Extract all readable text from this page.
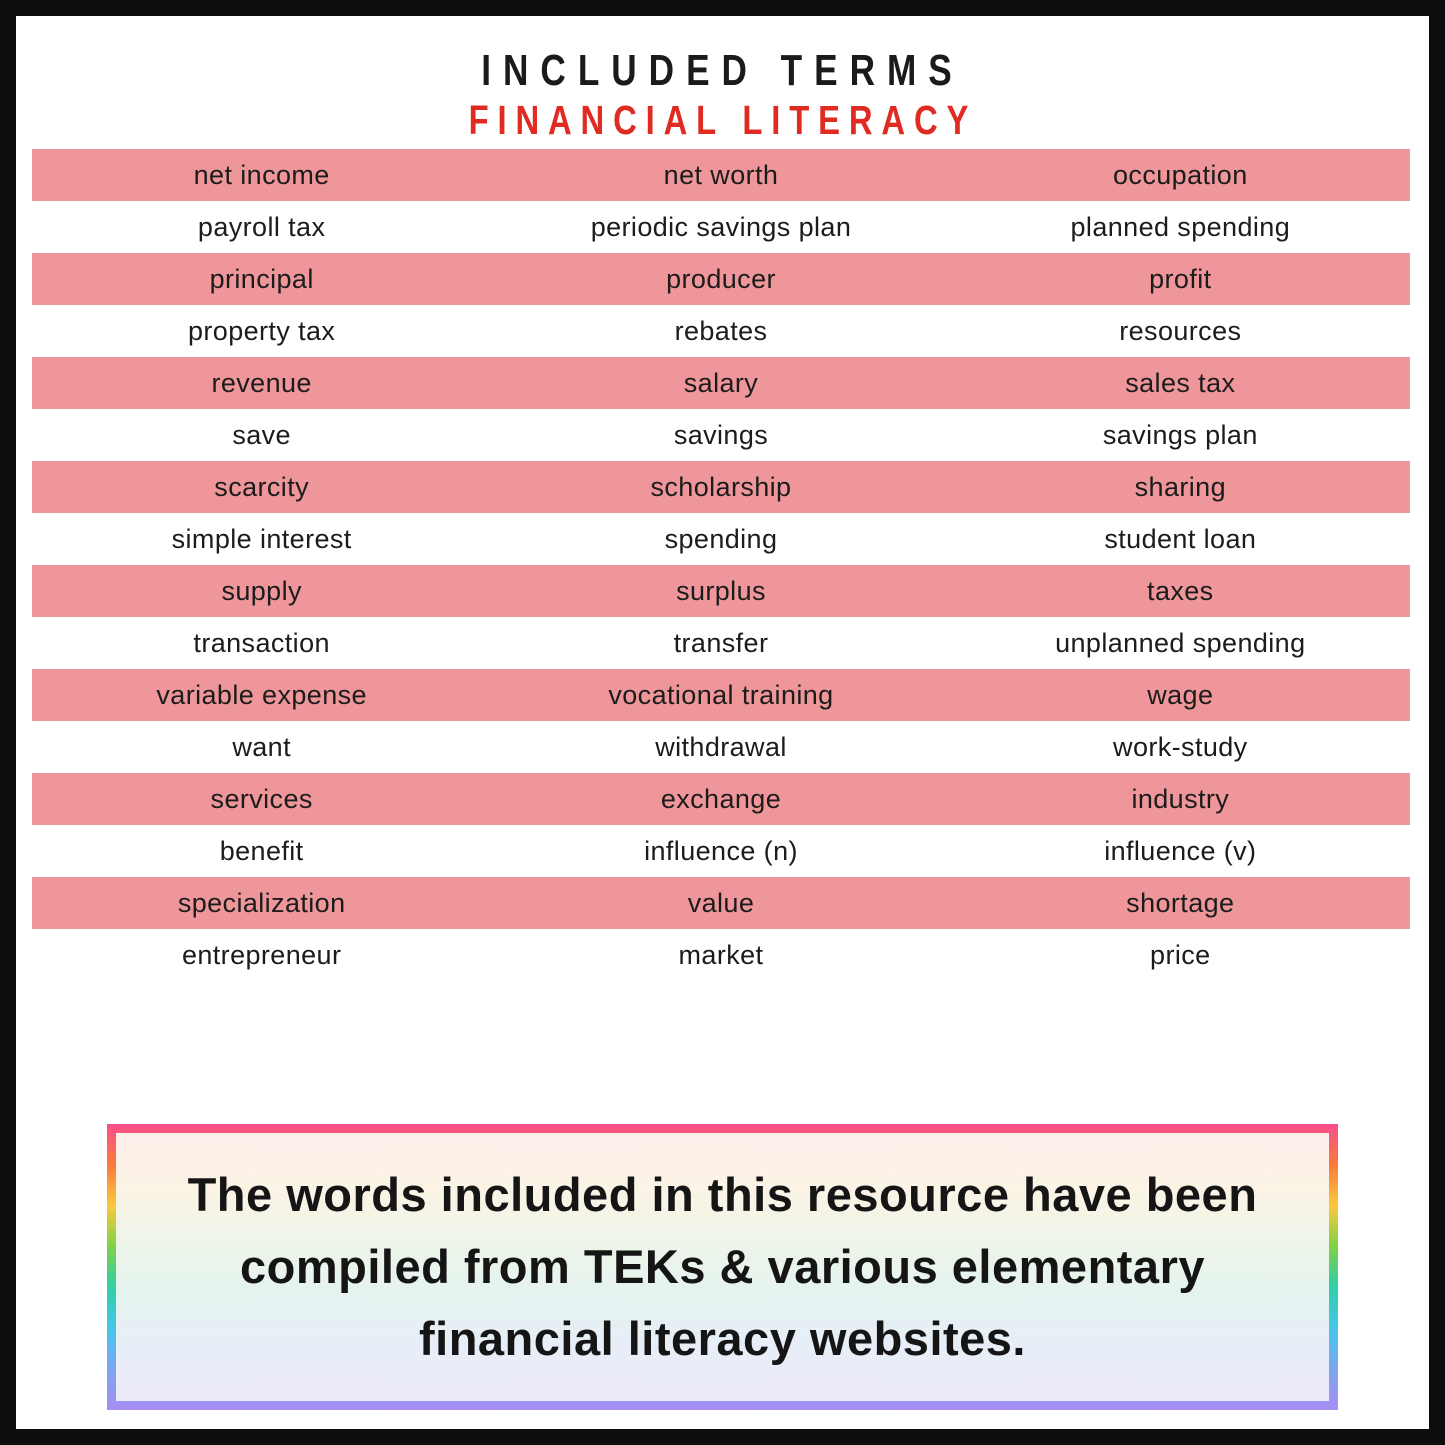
INCLUDED TERMS
FINANCIAL LITERACY
net income	net worth	occupation
payroll tax	periodic savings plan	planned spending
principal	producer	profit
property tax	rebates	resources
revenue	salary	sales tax
save	savings	savings plan
scarcity	scholarship	sharing
simple interest	spending	student loan
supply	surplus	taxes
transaction	transfer	unplanned spending
variable expense	vocational training	wage
want	withdrawal	work-study
services	exchange	industry
benefit	influence (n)	influence (v)
specialization	value	shortage
entrepreneur	market	price
The words included in this resource have been
compiled from TEKs & various elementary
financial literacy websites.
